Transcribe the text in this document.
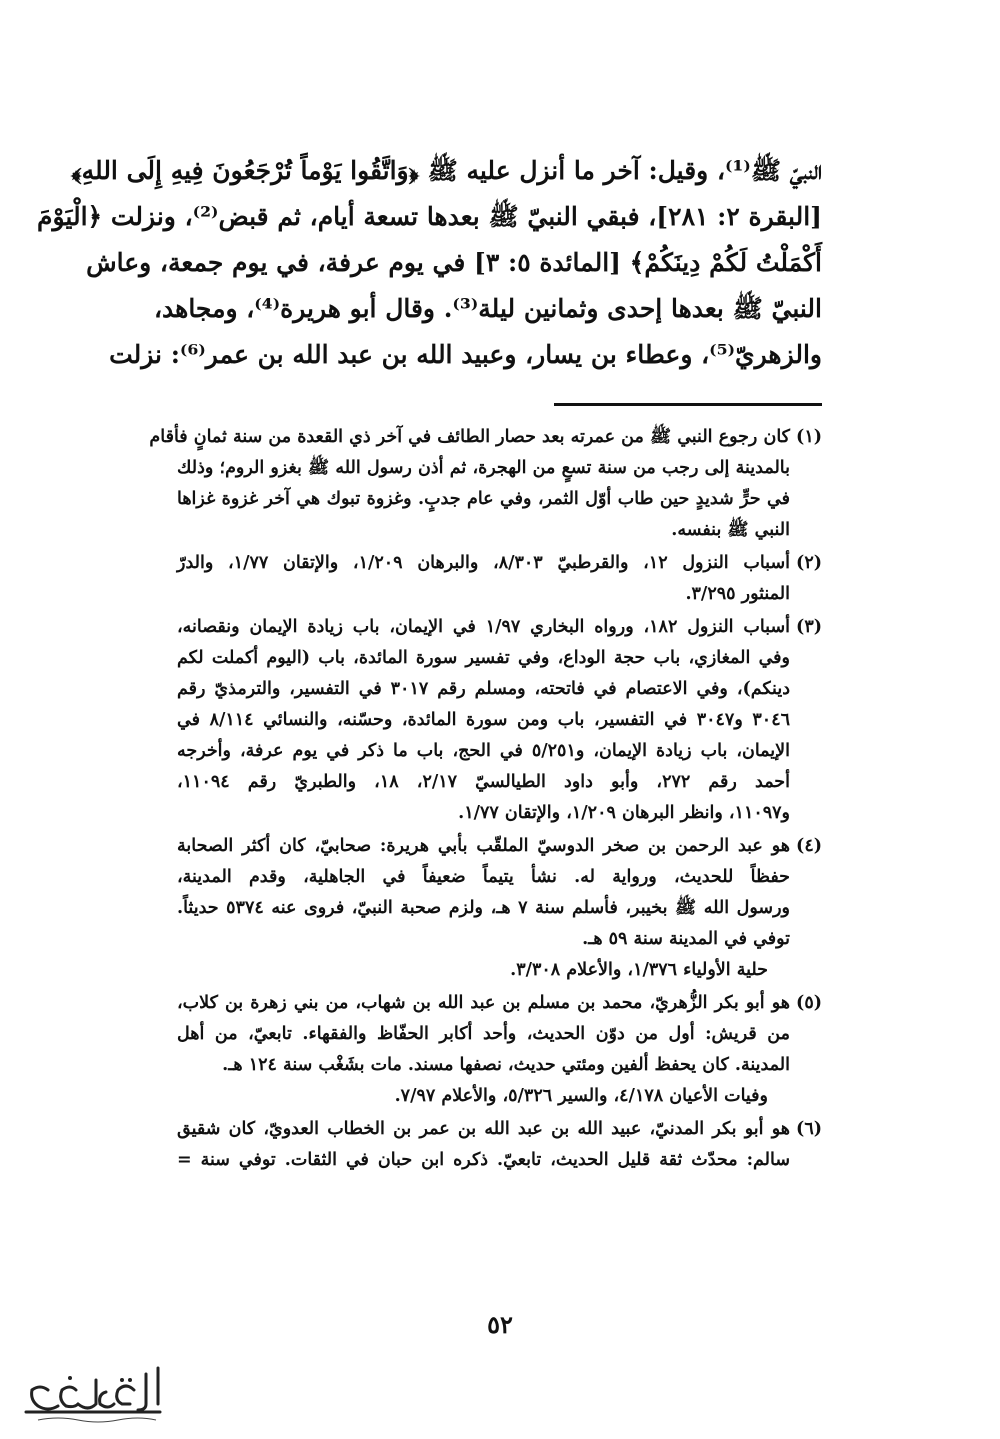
النبيّ ﷺ⁽¹⁾، وقيل: آخر ما أنزل عليه ﷺ ﴿وَاتَّقُوا يَوْماً تُرْجَعُونَ فِيهِ إِلَى اللهِ﴾
[البقرة ٢: ٢٨١]، فبقي النبيّ ﷺ بعدها تسعة أيام، ثم قبض⁽²⁾، ونزلت ﴿الْيَوْمَ
أَكْمَلْتُ لَكُمْ دِينَكُمْ﴾ [المائدة ٥: ٣] في يوم عرفة، في يوم جمعة، وعاش
النبيّ ﷺ بعدها إحدى وثمانين ليلة⁽³⁾. وقال أبو هريرة⁽⁴⁾، ومجاهد،
والزهريّ⁽⁵⁾، وعطاء بن يسار، وعبيد الله بن عبد الله بن عمر⁽⁶⁾: نزلت
(١)
كان رجوع النبي ﷺ من عمرته بعد حصار الطائف في آخر ذي القعدة من سنة ثمانٍ فأقام
بالمدينة إلى رجب من سنة تسعٍ من الهجرة، ثم أذن رسول الله ﷺ بغزو الروم؛ وذلك
في حرٍّ شديدٍ حين طاب أوّل الثمر، وفي عام جدبٍ. وغزوة تبوك هي آخر غزوة غزاها
النبي ﷺ بنفسه.
(٢)
أسباب النزول ١٢، والقرطبيّ ٨/٣٠٣، والبرهان ١/٢٠٩، والإتقان ١/٧٧، والدرّ
المنثور ٣/٢٩٥.
(٣)
أسباب النزول ١٨٢، ورواه البخاري ١/٩٧ في الإيمان، باب زيادة الإيمان ونقصانه،
وفي المغازي، باب حجة الوداع، وفي تفسير سورة المائدة، باب (اليوم أكملت لكم
دينكم)، وفي الاعتصام في فاتحته، ومسلم رقم ٣٠١٧ في التفسير، والترمذيّ رقم
٣٠٤٦ و٣٠٤٧ في التفسير، باب ومن سورة المائدة، وحسّنه، والنسائي ٨/١١٤ في
الإيمان، باب زيادة الإيمان، و٥/٢٥١ في الحج، باب ما ذكر في يوم عرفة، وأخرجه
أحمد رقم ٢٧٢، وأبو داود الطيالسيّ ٢/١٧، ١٨، والطبريّ رقم ١١٠٩٤،
و١١٠٩٧، وانظر البرهان ١/٢٠٩، والإتقان ١/٧٧.
(٤)
هو عبد الرحمن بن صخر الدوسيّ الملقّب بأبي هريرة: صحابيّ، كان أكثر الصحابة
حفظاً للحديث، ورواية له. نشأ يتيماً ضعيفاً في الجاهلية، وقدم المدينة،
ورسول الله ﷺ بخيبر، فأسلم سنة ٧ هـ، ولزم صحبة النبيّ، فروى عنه ٥٣٧٤ حديثاً.
توفي في المدينة سنة ٥٩ هـ.
حلية الأولياء ١/٣٧٦، والأعلام ٣/٣٠٨.
(٥)
هو أبو بكر الزُّهريّ، محمد بن مسلم بن عبد الله بن شهاب، من بني زهرة بن كلاب،
من قريش: أول من دوّن الحديث، وأحد أكابر الحفّاظ والفقهاء. تابعيّ، من أهل
المدينة. كان يحفظ ألفين ومئتي حديث، نصفها مسند. مات بشَغْب سنة ١٢٤ هـ.
وفيات الأعيان ٤/١٧٨، والسير ٥/٣٢٦، والأعلام ٧/٩٧.
(٦)
هو أبو بكر المدنيّ، عبيد الله بن عبد الله بن عمر بن الخطاب العدويّ، كان شقيق
سالم: محدّث ثقة قليل الحديث، تابعيّ. ذكره ابن حبان في الثقات. توفي سنة =
٥٢
